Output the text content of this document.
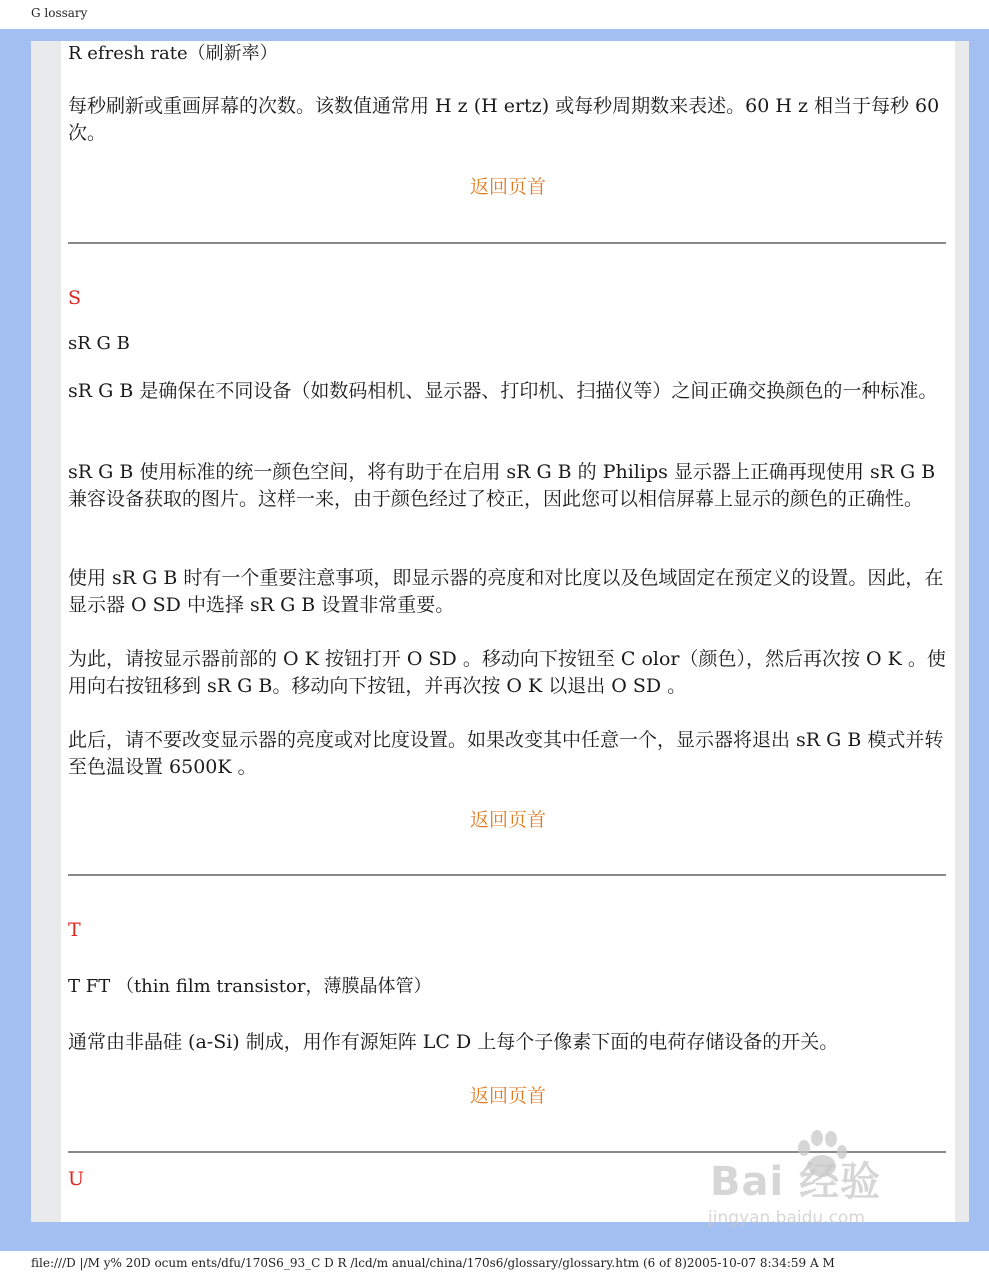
G lossary

R efresh rate（刷新率）

每秒刷新或重画屏幕的次数。该数值通常用 H z (H ertz) 或每秒周期数来表述。60 H z 相当于每秒 60 次。

返回页首
S

sR G B

sR G B 是确保在不同设备（如数码相机、显示器、打印机、扫描仪等）之间正确交换颜色的一种标准。

sR G B 使用标准的统一颜色空间，将有助于在启用 sR G B 的 Philips 显示器上正确再现使用 sR G B 兼容设备获取的图片。这样一来，由于颜色经过了校正，因此您可以相信屏幕上显示的颜色的正确性。

使用 sR G B 时有一个重要注意事项，即显示器的亮度和对比度以及色域固定在预定义的设置。因此，在显示器 O SD 中选择 sR G B 设置非常重要。

为此，请按显示器前部的 O K 按钮打开 O SD 。移动向下按钮至 C olor（颜色），然后再次按 O K 。使用向右按钮移到 sR G B。移动向下按钮，并再次按 O K 以退出 O SD 。

此后，请不要改变显示器的亮度或对比度设置。如果改变其中任意一个，显示器将退出 sR G B 模式并转至色温设置 6500K 。

返回页首
T

T FT （thin film transistor，薄膜晶体管）

通常由非晶硅 (a-Si) 制成，用作有源矩阵 LC D 上每个子像素下面的电荷存储设备的开关。

返回页首
U	Bai 经验
jingyan.baidu.com
file:///D |/M y% 20D ocum ents/dfu/170S6_93_C D R /lcd/m anual/china/170s6/glossary/glossary.htm (6 of 8)2005-10-07 8:34:59 A M
